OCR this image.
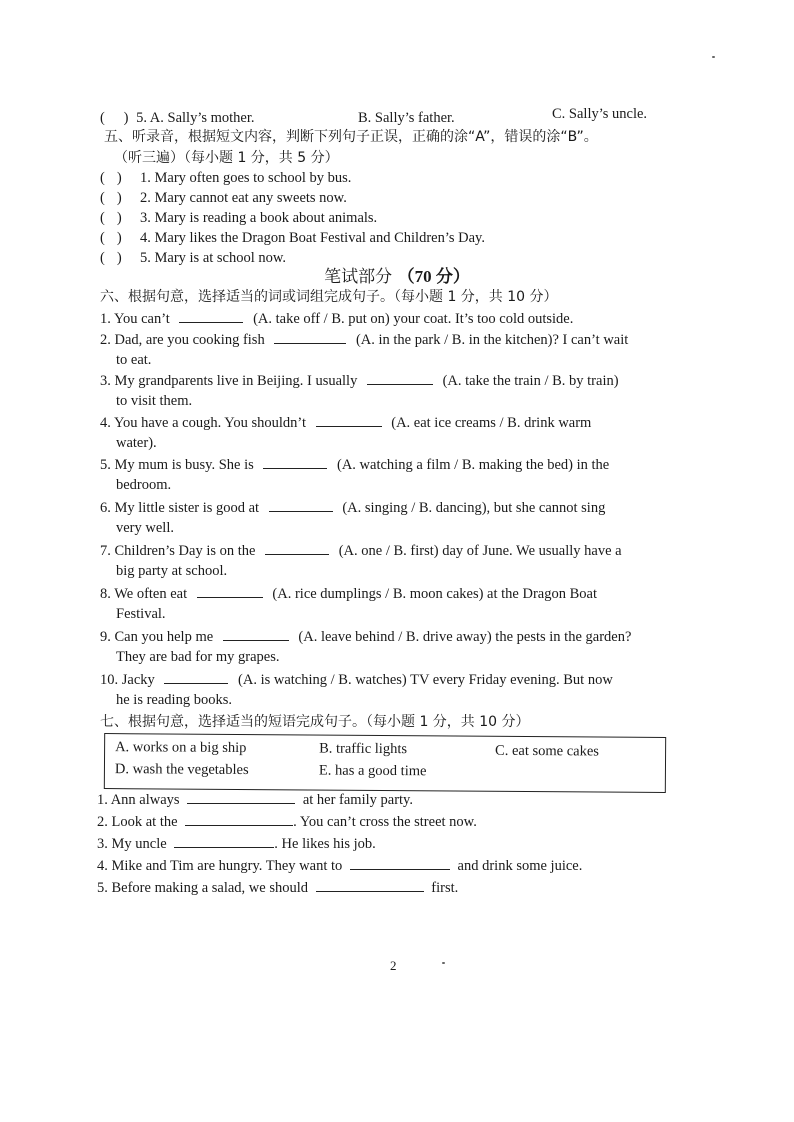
( ) 5. A. Sally’s mother.	B. Sally’s father.	C. Sally’s uncle.
五、听录音，根据短文内容，判断下列句子正误，正确的涂“A”，错误的涂“B”。
（听三遍）（每小题 1 分，共 5 分）
( ) 1. Mary often goes to school by bus.
( ) 2. Mary cannot eat any sweets now.
( ) 3. Mary is reading a book about animals.
( ) 4. Mary likes the Dragon Boat Festival and Children’s Day.
( ) 5. Mary is at school now.
笔试部分 （70 分）
六、根据句意，选择适当的词或词组完成句子。（每小题 1 分，共 10 分）
1. You can’t	(A. take off / B. put on) your coat. It’s too cold outside.
2. Dad, are you cooking fish	(A. in the park / B. in the kitchen)? I can’t wait
to eat.
3. My grandparents live in Beijing. I usually	(A. take the train / B. by train)
to visit them.
4. You have a cough. You shouldn’t	(A. eat ice creams / B. drink warm
water).
5. My mum is busy. She is	(A. watching a film / B. making the bed) in the
bedroom.
6. My little sister is good at	(A. singing / B. dancing), but she cannot sing
very well.
7. Children’s Day is on the	(A. one / B. first) day of June. We usually have a
big party at school.
8. We often eat	(A. rice dumplings / B. moon cakes) at the Dragon Boat
Festival.
9. Can you help me	(A. leave behind / B. drive away) the pests in the garden?
They are bad for my grapes.
10. Jacky	(A. is watching / B. watches) TV every Friday evening. But now
he is reading books.
七、根据句意，选择适当的短语完成句子。（每小题 1 分，共 10 分）
A. works on a big ship	B. traffic lights	C. eat some cakes
D. wash the vegetables	E. has a good time
1. Ann always	at her family party.
2. Look at the	. You can’t cross the street now.
3. My uncle	. He likes his job.
4. Mike and Tim are hungry. They want to	and drink some juice.
5. Before making a salad, we should	first.
2
